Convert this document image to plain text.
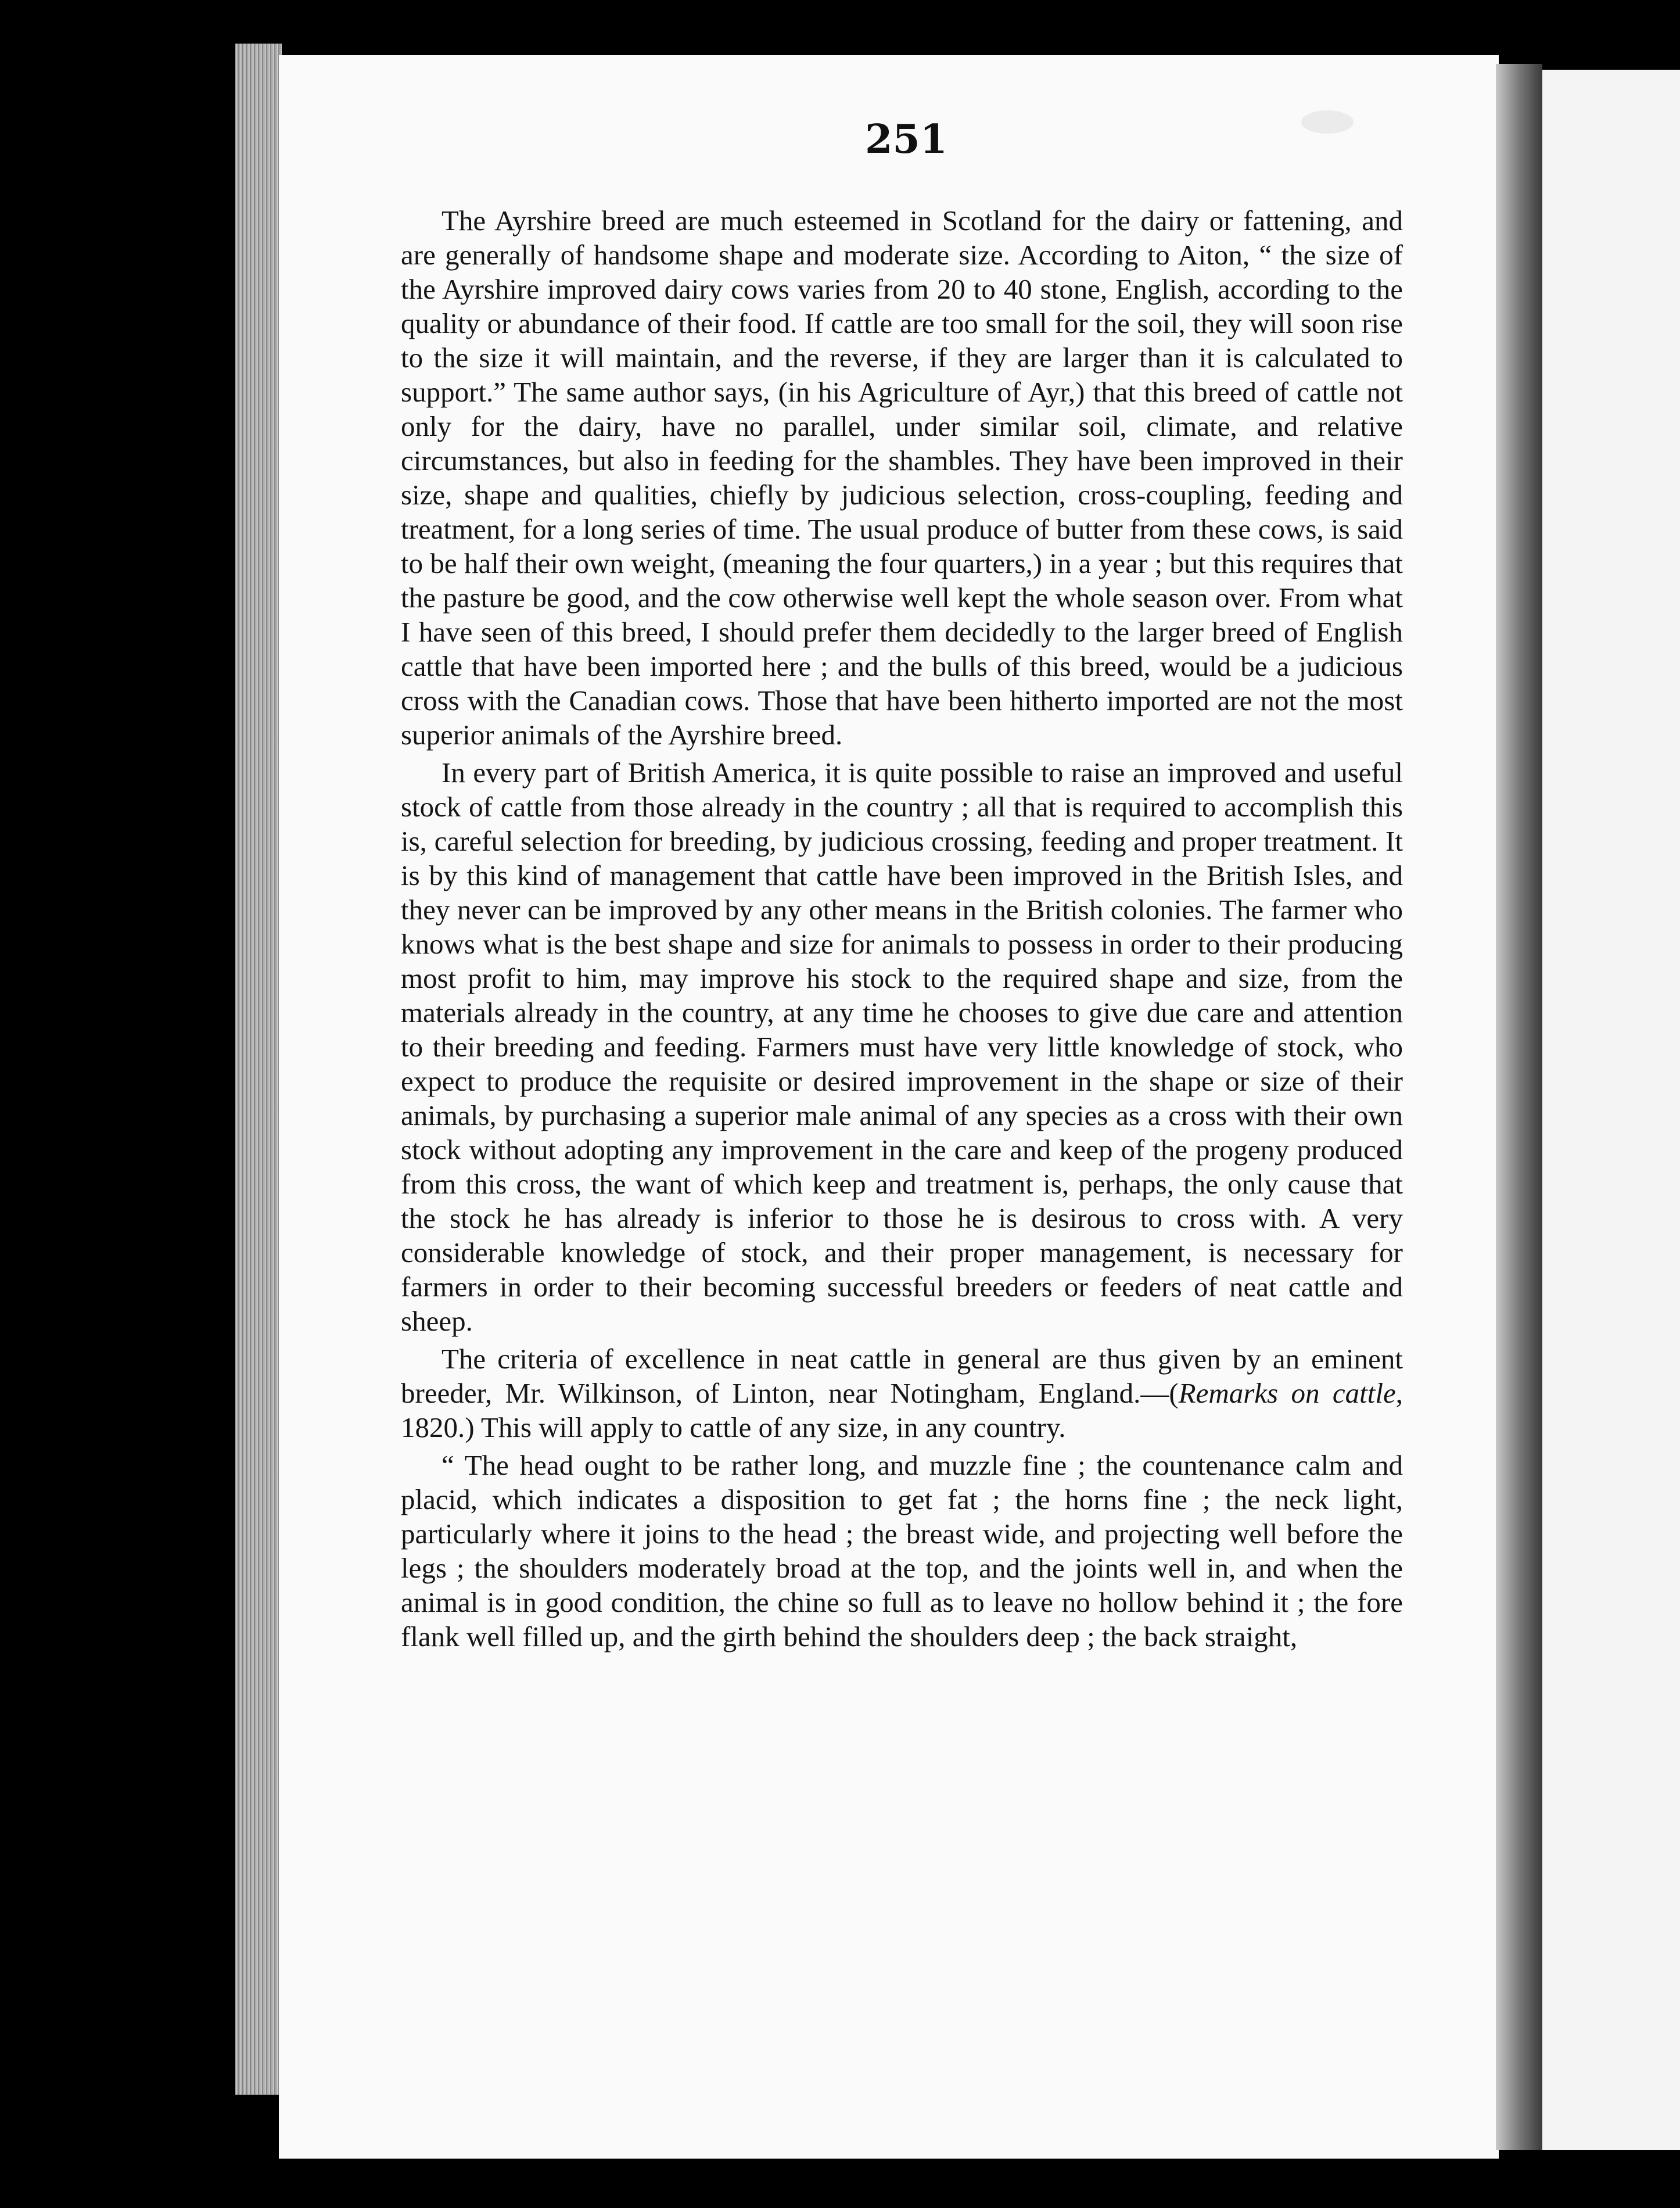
251

The Ayrshire breed are much esteemed in Scotland for the dairy or fattening, and are generally of handsome shape and moderate size. According to Aiton, “ the size of the Ayrshire improved dairy cows varies from 20 to 40 stone, English, according to the quality or abundance of their food. If cattle are too small for the soil, they will soon rise to the size it will maintain, and the reverse, if they are larger than it is calculated to support.” The same author says, (in his Agriculture of Ayr,) that this breed of cattle not only for the dairy, have no parallel, under similar soil, climate, and relative circumstances, but also in feeding for the shambles. They have been improved in their size, shape and qualities, chiefly by judicious selection, cross-coupling, feeding and treatment, for a long series of time. The usual produce of butter from these cows, is said to be half their own weight, (meaning the four quarters,) in a year ; but this requires that the pasture be good, and the cow otherwise well kept the whole season over. From what I have seen of this breed, I should prefer them decidedly to the larger breed of English cattle that have been imported here ; and the bulls of this breed, would be a judicious cross with the Canadian cows. Those that have been hitherto imported are not the most superior animals of the Ayrshire breed.

In every part of British America, it is quite possible to raise an improved and useful stock of cattle from those already in the country ; all that is required to accomplish this is, careful selection for breeding, by judicious crossing, feeding and proper treatment. It is by this kind of management that cattle have been improved in the British Isles, and they never can be improved by any other means in the British colonies. The farmer who knows what is the best shape and size for animals to possess in order to their producing most profit to him, may improve his stock to the required shape and size, from the materials already in the country, at any time he chooses to give due care and attention to their breeding and feeding. Farmers must have very little knowledge of stock, who expect to produce the requisite or desired improvement in the shape or size of their animals, by purchasing a superior male animal of any species as a cross with their own stock without adopting any improvement in the care and keep of the progeny produced from this cross, the want of which keep and treatment is, perhaps, the only cause that the stock he has already is inferior to those he is desirous to cross with. A very considerable knowledge of stock, and their proper management, is necessary for farmers in order to their becoming successful breeders or feeders of neat cattle and sheep.

The criteria of excellence in neat cattle in general are thus given by an eminent breeder, Mr. Wilkinson, of Linton, near Notingham, England.—(Remarks on cattle, 1820.) This will apply to cattle of any size, in any country.

“ The head ought to be rather long, and muzzle fine ; the countenance calm and placid, which indicates a disposition to get fat ; the horns fine ; the neck light, particularly where it joins to the head ; the breast wide, and projecting well before the legs ; the shoulders moderately broad at the top, and the joints well in, and when the animal is in good condition, the chine so full as to leave no hollow behind it ; the fore flank well filled up, and the girth behind the shoulders deep ; the back straight,
